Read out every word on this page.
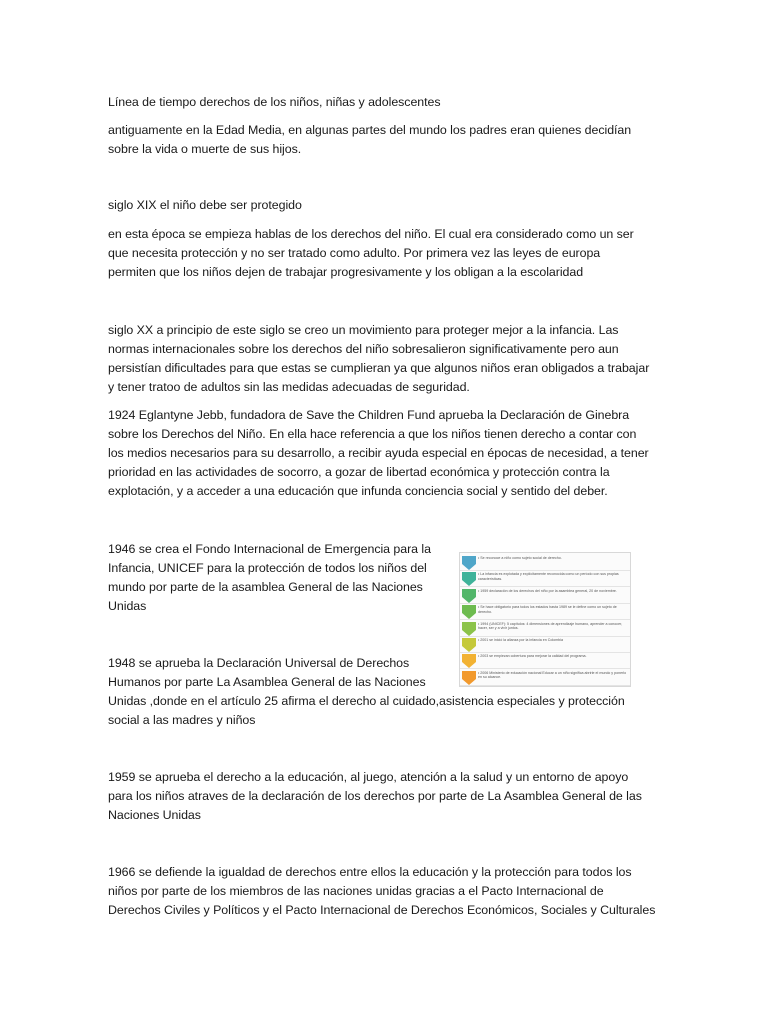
Línea de tiempo derechos de los niños, niñas y adolescentes

antiguamente en la Edad Media, en algunas partes del mundo los padres eran quienes decidían
sobre la vida o muerte de sus hijos.

siglo XIX el niño debe ser protegido

en esta época se empieza hablas de los derechos del niño. El cual era considerado como un ser
que necesita protección y no ser tratado como adulto. Por primera vez las leyes de europa
permiten que los niños dejen de trabajar progresivamente y los obligan a la escolaridad

siglo XX a principio de este siglo se creo un movimiento para proteger mejor a la infancia. Las
normas internacionales sobre los derechos del niño sobresalieron significativamente pero aun
persistían dificultades para que estas se cumplieran ya que algunos niños eran obligados a trabajar
y tener tratoo de adultos sin las medidas adecuadas de seguridad.

1924 Eglantyne Jebb, fundadora de Save the Children Fund aprueba la Declaración de Ginebra
sobre los Derechos del Niño. En ella hace referencia a que los niños tienen derecho a contar con
los medios necesarios para su desarrollo, a recibir ayuda especial en épocas de necesidad, a tener
prioridad en las actividades de socorro, a gozar de libertad económica y protección contra la
explotación, y a acceder a una educación que infunda conciencia social y sentido del deber.

1946 se crea el Fondo Internacional de Emergencia para la
Infancia, UNICEF para la protección de todos los niños del
mundo por parte de la asamblea General de las Naciones
Unidas

1948 se aprueba la Declaración Universal de Derechos
Humanos por parte La Asamblea General de las Naciones
Unidas ,donde en el artículo 25 afirma el derecho al cuidado,asistencia especiales y protección
social a las madres y niños

1959 se aprueba el derecho a la educación, al juego, atención a la salud y un entorno de apoyo
para los niños atraves de la declaración de los derechos por parte de La Asamblea General de las
Naciones Unidas

1966 se defiende la igualdad de derechos entre ellos la educación y la protección para todos los
niños por parte de los miembros de las naciones unidas gracias a el Pacto Internacional de
Derechos Civiles y Políticos y el Pacto Internacional de Derechos Económicos, Sociales y Culturales

• Se reconoce a niño como sujeto social de derecho.
• La infancia es explotada y explícitamente reconocida como un período con sus propias características.
• 1959 declaración de los derechos del niño por la asamblea general, 20 de noviembre.
• Se hace obligatorio para todos los estados hasta 1989 se le define como un sujeto de derecho.
• 1994 (UNICEF): 5 capítulos: 4 dimensiones de aprendizaje humano, aprender a conocer, hacer, ser y a vivir juntos.
• 2001 se inició la alianza por la infancia en Colombia
• 2003 se empiezan cobertura para mejorar la calidad del programa.
• 2006 Ministerio de educación nacional Educar a un niño significa abrirle el mundo y ponerlo en su alcance.
